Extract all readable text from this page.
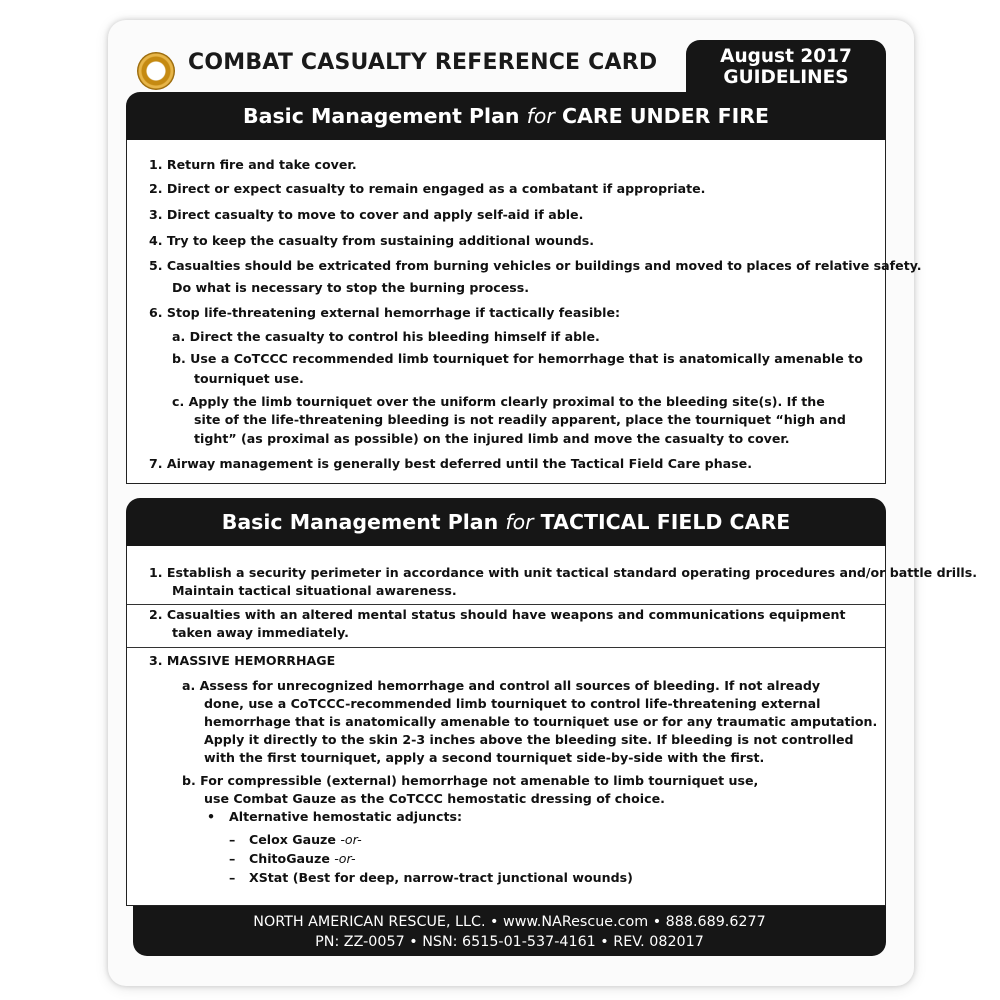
COMBAT CASUALTY REFERENCE CARD	August 2017
GUIDELINES
Basic Management Plan for CARE UNDER FIRE
1. Return fire and take cover.
2. Direct or expect casualty to remain engaged as a combatant if appropriate.
3. Direct casualty to move to cover and apply self-aid if able.
4. Try to keep the casualty from sustaining additional wounds.
5. Casualties should be extricated from burning vehicles or buildings and moved to places of relative safety.
Do what is necessary to stop the burning process.
6. Stop life-threatening external hemorrhage if tactically feasible:
a. Direct the casualty to control his bleeding himself if able.
b. Use a CoTCCC recommended limb tourniquet for hemorrhage that is anatomically amenable to
tourniquet use.
c. Apply the limb tourniquet over the uniform clearly proximal to the bleeding site(s). If the
site of the life-threatening bleeding is not readily apparent, place the tourniquet “high and
tight” (as proximal as possible) on the injured limb and move the casualty to cover.
7. Airway management is generally best deferred until the Tactical Field Care phase.
Basic Management Plan for TACTICAL FIELD CARE
1. Establish a security perimeter in accordance with unit tactical standard operating procedures and/or battle drills.
Maintain tactical situational awareness.
2. Casualties with an altered mental status should have weapons and communications equipment
taken away immediately.
3. MASSIVE HEMORRHAGE
a. Assess for unrecognized hemorrhage and control all sources of bleeding. If not already
done, use a CoTCCC-recommended limb tourniquet to control life-threatening external
hemorrhage that is anatomically amenable to tourniquet use or for any traumatic amputation.
Apply it directly to the skin 2-3 inches above the bleeding site. If bleeding is not controlled
with the first tourniquet, apply a second tourniquet side-by-side with the first.
b. For compressible (external) hemorrhage not amenable to limb tourniquet use,
use Combat Gauze as the CoTCCC hemostatic dressing of choice.
• Alternative hemostatic adjuncts:
– Celox Gauze -or-
– ChitoGauze -or-
– XStat (Best for deep, narrow-tract junctional wounds)
NORTH AMERICAN RESCUE, LLC. • www.NARescue.com • 888.689.6277
PN: ZZ-0057 • NSN: 6515-01-537-4161 • REV. 082017
